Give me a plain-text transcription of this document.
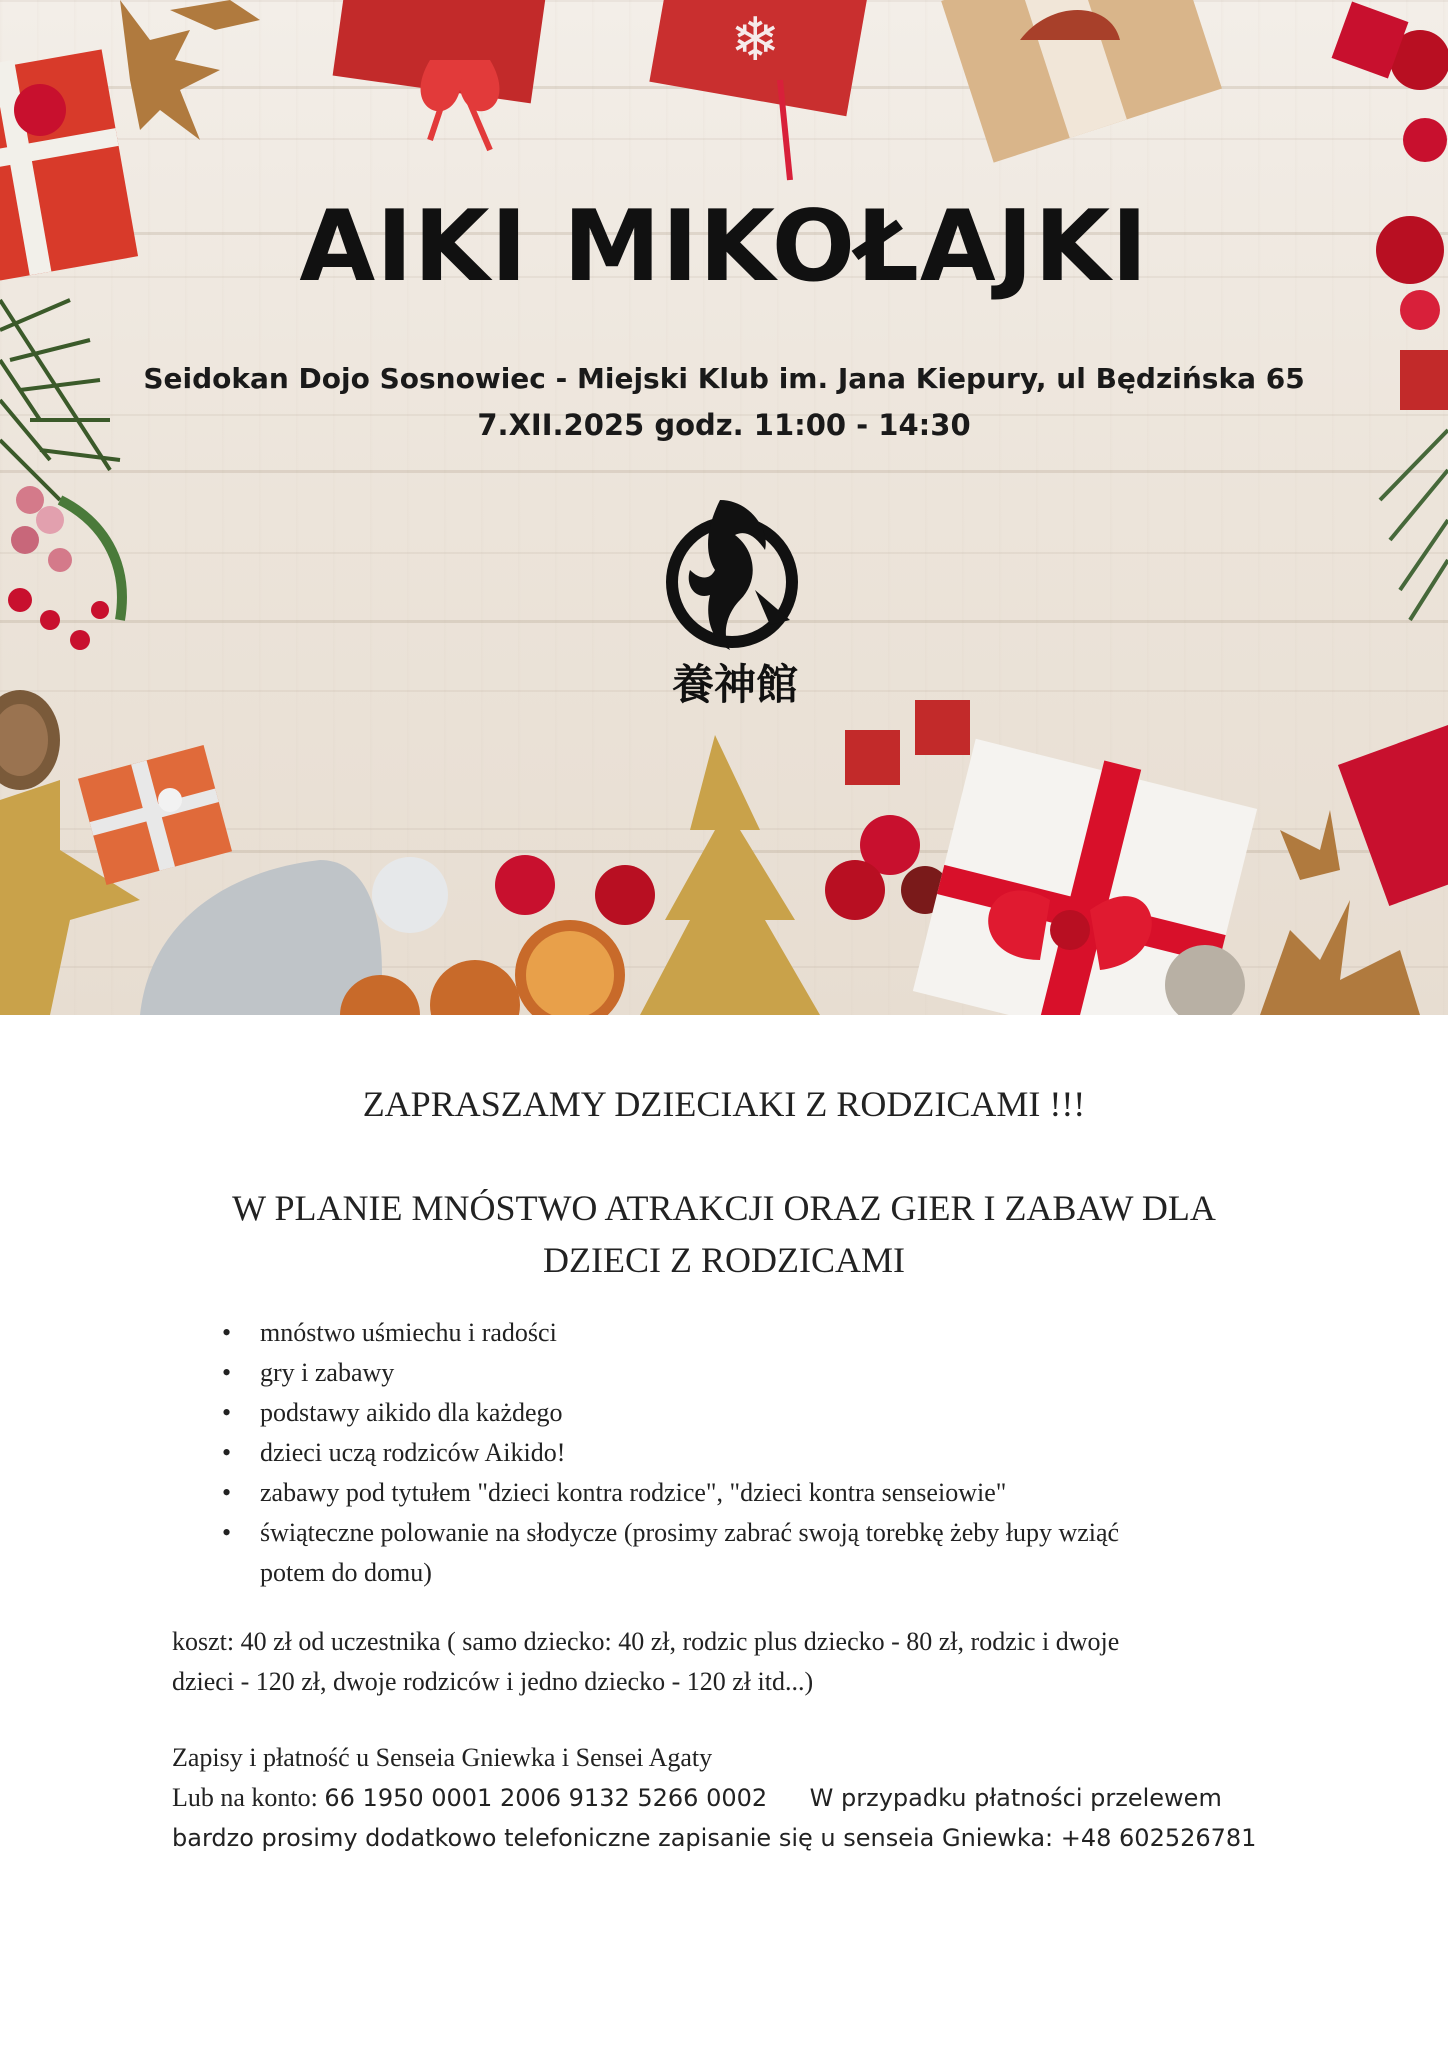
❄
AIKI MIKOŁAJKI
Seidokan Dojo Sosnowiec - Miejski Klub im. Jana Kiepury, ul Będzińska 65
7.XII.2025 godz. 11:00 - 14:30
養神館
ZAPRASZAMY DZIECIAKI Z RODZICAMI !!!
W PLANIE MNÓSTWO ATRAKCJI ORAZ GIER I ZABAW DLA
DZIECI Z RODZICAMI
• mnóstwo uśmiechu i radości
• gry i zabawy
• podstawy aikido dla każdego
• dzieci uczą rodziców Aikido!
• zabawy pod tytułem "dzieci kontra rodzice", "dzieci kontra senseiowie"
• świąteczne polowanie na słodycze (prosimy zabrać swoją torebkę żeby łupy wziąć
potem do domu)
koszt: 40 zł od uczestnika ( samo dziecko: 40 zł, rodzic plus dziecko - 80 zł, rodzic i dwoje
dzieci - 120 zł, dwoje rodziców i jedno dziecko - 120 zł itd...)
Zapisy i płatność u Senseia Gniewka i Sensei Agaty
Lub na konto: 66 1950 0001 2006 9132 5266 0002 W przypadku płatności przelewem
bardzo prosimy dodatkowo telefoniczne zapisanie się u senseia Gniewka: +48 602526781
